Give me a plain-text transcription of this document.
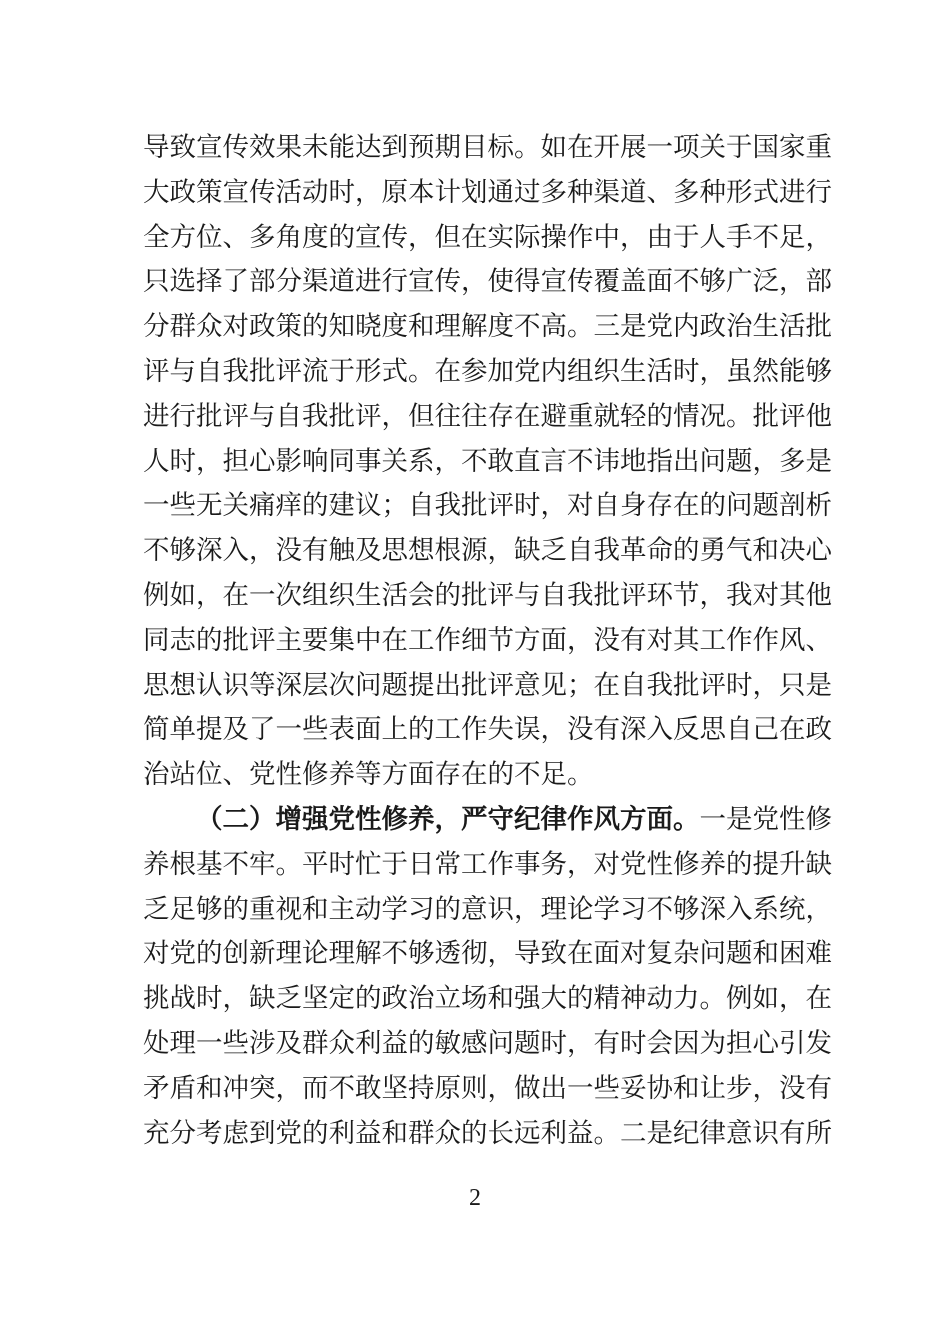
导致宣传效果未能达到预期目标。如在开展一项关于国家重
大政策宣传活动时，原本计划通过多种渠道、多种形式进行
全方位、多角度的宣传，但在实际操作中，由于人手不足，
只选择了部分渠道进行宣传，使得宣传覆盖面不够广泛，部
分群众对政策的知晓度和理解度不高。三是党内政治生活批
评与自我批评流于形式。在参加党内组织生活时，虽然能够
进行批评与自我批评，但往往存在避重就轻的情况。批评他
人时，担心影响同事关系，不敢直言不讳地指出问题，多是
一些无关痛痒的建议；自我批评时，对自身存在的问题剖析
不够深入，没有触及思想根源，缺乏自我革命的勇气和决心
例如，在一次组织生活会的批评与自我批评环节，我对其他
同志的批评主要集中在工作细节方面，没有对其工作作风、
思想认识等深层次问题提出批评意见；在自我批评时，只是
简单提及了一些表面上的工作失误，没有深入反思自己在政
治站位、党性修养等方面存在的不足。
（二）增强党性修养，严守纪律作风方面。一是党性修
养根基不牢。平时忙于日常工作事务，对党性修养的提升缺
乏足够的重视和主动学习的意识，理论学习不够深入系统，
对党的创新理论理解不够透彻，导致在面对复杂问题和困难
挑战时，缺乏坚定的政治立场和强大的精神动力。例如，在
处理一些涉及群众利益的敏感问题时，有时会因为担心引发
矛盾和冲突，而不敢坚持原则，做出一些妥协和让步，没有
充分考虑到党的利益和群众的长远利益。二是纪律意识有所
2
